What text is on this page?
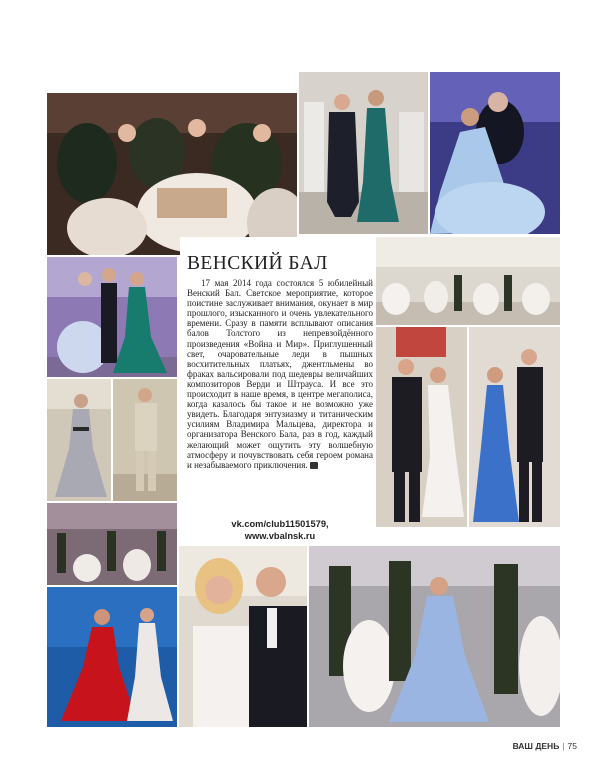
ВЕНСКИЙ БАЛ

17 мая 2014 года состоялся 5 юбилейный Венский Бал. Светское мероприятие, которое поистине заслуживает внимания, окунает в мир прошлого, изысканного и очень увлекательного времени. Сразу в памяти всплывают описания балов Толстого из непревзойдённого произведения «Война и Мир». Приглушенный свет, очаровательные леди в пышных восхитительных платьях, джентльмены во фраках вальсировали под шедевры величайших композиторов Верди и Штрауса. И все это происходит в наше время, в центре мегаполиса, когда казалось бы такое и не возможно уже увидеть. Благодаря энтузиазму и титаническим усилиям Владимира Мальцева, директора и организатора Венского Бала, раз в год, каждый желающий может ощутить эту волшебную атмосферу и почувствовать себя героем романа и незабываемого приключения.

vk.com/club11501579,
www.vbalnsk.ru
ВАШ ДЕНЬ | 75
